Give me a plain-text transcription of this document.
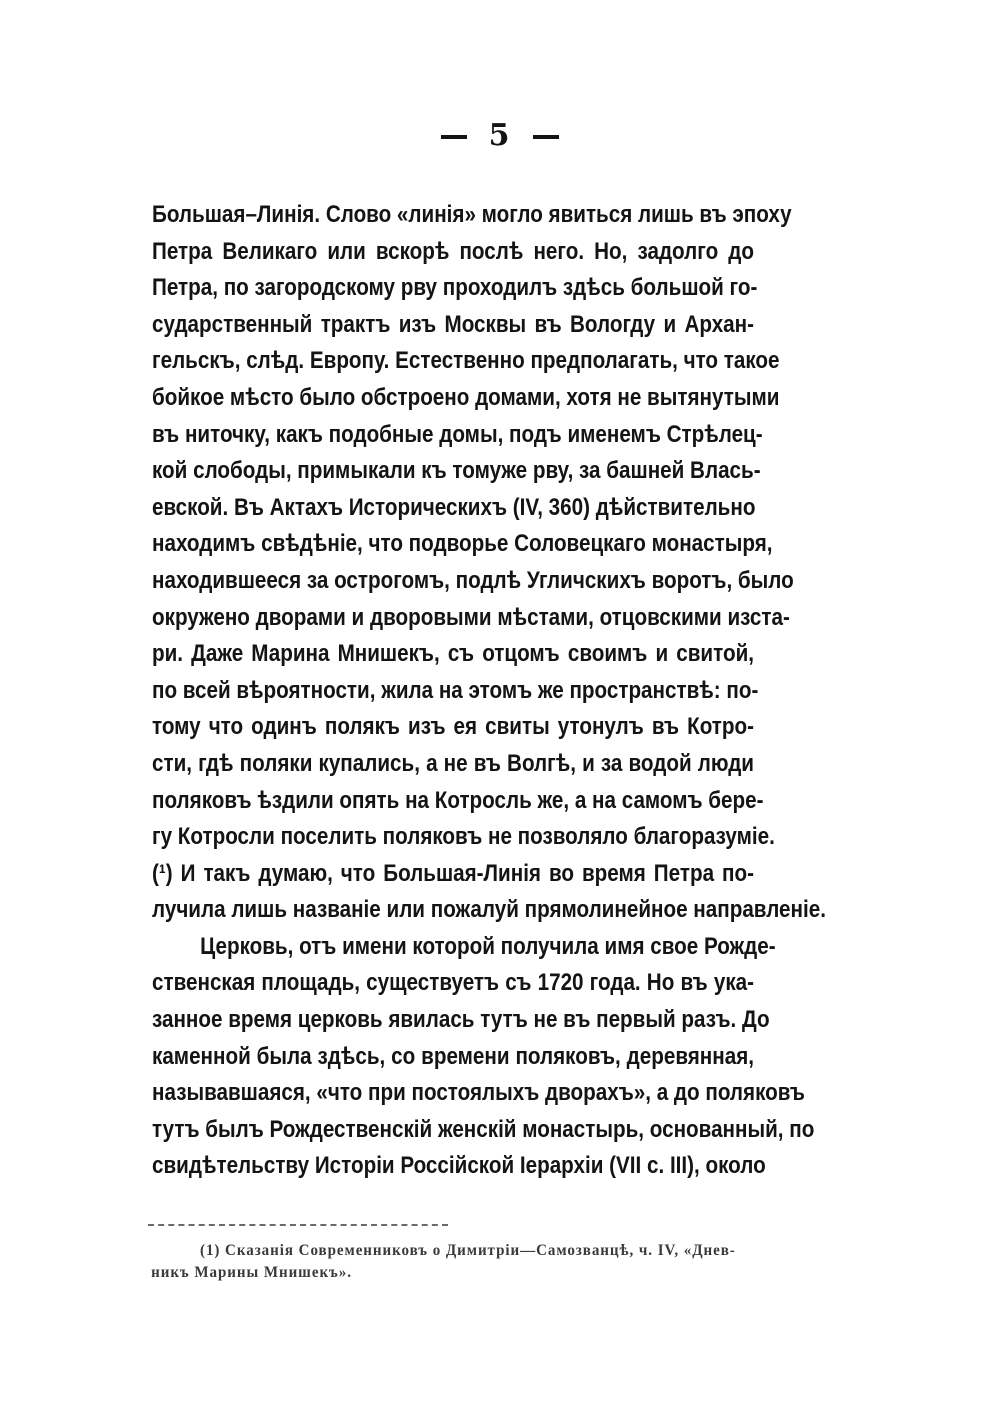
5
Большая–Линія. Слово «линія» могло явиться лишь въ эпоху
Петра Великаго или вскорѣ послѣ него. Но, задолго до
Петра, по загородскому рву проходилъ здѣсь большой го-
сударственный трактъ изъ Москвы въ Вологду и Архан-
гельскъ, слѣд. Европу. Естественно предполагать, что такое
бойкое мѣсто было обстроено домами, хотя не вытянутыми
въ ниточку, какъ подобные домы, подъ именемъ Стрѣлец-
кой слободы, примыкали къ томуже рву, за башней Влась-
евской. Въ Актахъ Историческихъ (IV, 360) дѣйствительно
находимъ свѣдѣніе, что подворье Соловецкаго монастыря,
находившееся за острогомъ, подлѣ Угличскихъ воротъ, было
окружено дворами и дворовыми мѣстами, отцовскими изста-
ри. Даже Марина Мнишекъ, съ отцомъ своимъ и свитой,
по всей вѣроятности, жила на этомъ же пространствѣ: по-
тому что одинъ полякъ изъ ея свиты утонулъ въ Котро-
сти, гдѣ поляки купались, а не въ Волгѣ, и за водой люди
поляковъ ѣздили опять на Котросль же, а на самомъ бере-
гу Котросли поселить поляковъ не позволяло благоразуміе.
(¹) И такъ думаю, что Большая-Линія во время Петра по-
лучила лишь названіе или пожалуй прямолинейное направленіе.
Церковь, отъ имени которой получила имя свое Рожде-
ственская площадь, существуетъ съ 1720 года. Но въ ука-
занное время церковь явилась тутъ не въ первый разъ. До
каменной была здѣсь, со времени поляковъ, деревянная,
называвшаяся, «что при постоялыхъ дворахъ», а до поляковъ
тутъ былъ Рождественскій женскій монастырь, основанный, по
свидѣтельству Исторіи Россійской Іерархіи (VII с. III), около
(1) Сказанія Современниковъ о Димитріи—Самозванцѣ, ч. IV, «Днев-
никъ Марины Мнишекъ».
